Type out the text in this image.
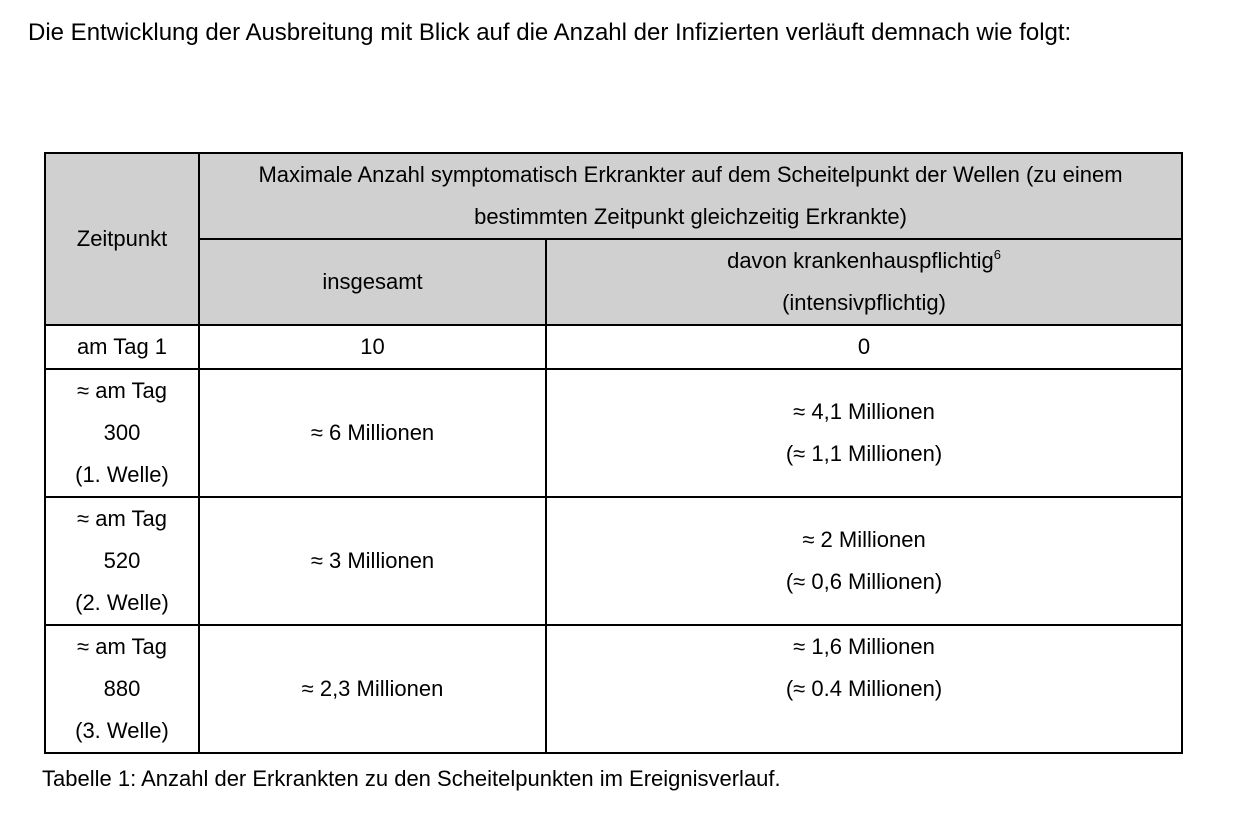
Die Entwicklung der Ausbreitung mit Blick auf die Anzahl der Infizierten verläuft demnach wie folgt:

Zeitpunkt	Maximale Anzahl symptomatisch Erkrankter auf dem Scheitelpunkt der Wellen (zu einem bestimmten Zeitpunkt gleichzeitig Erkrankte)	
	insgesamt	davon krankenhauspflichtig$^6$
(intensivpflichtig)

am Tag 1	10	0

≈ am Tag
300
(1. Welle)	≈ 6 Millionen	≈ 4,1 Millionen
(≈ 1,1 Millionen)

≈ am Tag
520
(2. Welle)	≈ 3 Millionen	≈ 2 Millionen
(≈ 0,6 Millionen)

≈ am Tag
880
(3. Welle)	≈ 2,3 Millionen	≈ 1,6 Millionen
(≈ 0.4 Millionen)

Tabelle 1: Anzahl der Erkrankten zu den Scheitelpunkten im Ereignisverlauf.
